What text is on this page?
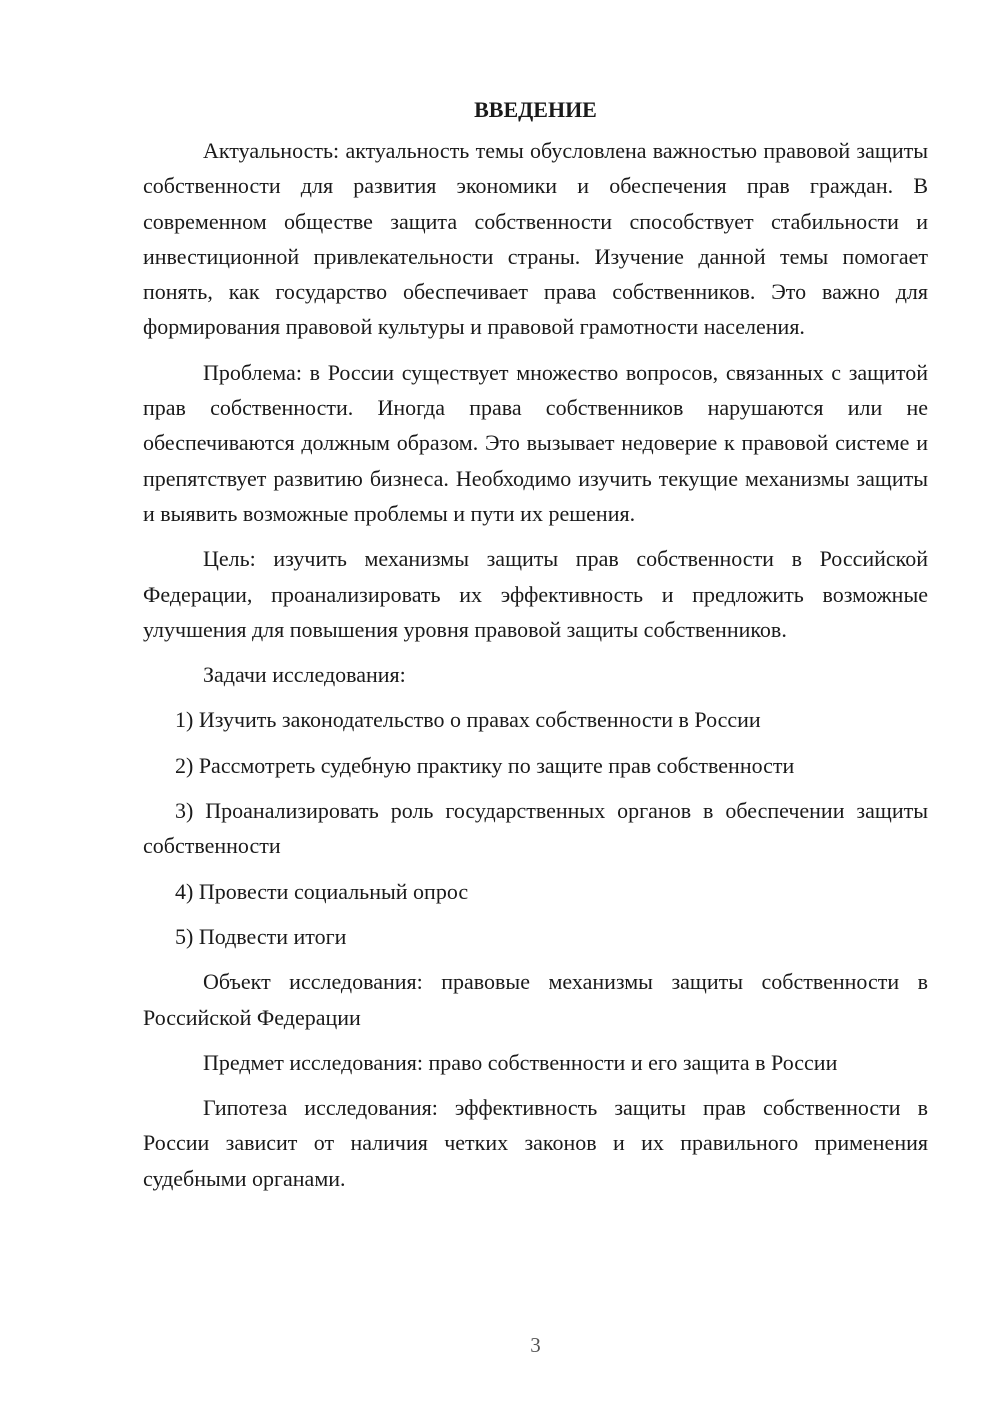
ВВЕДЕНИЕ

Актуальность: актуальность темы обусловлена важностью правовой защиты собственности для развития экономики и обеспечения прав граждан. В современном обществе защита собственности способствует стабильности и инвестиционной привлекательности страны. Изучение данной темы помогает понять, как государство обеспечивает права собственников. Это важно для формирования правовой культуры и правовой грамотности населения.

Проблема: в России существует множество вопросов, связанных с защитой прав собственности. Иногда права собственников нарушаются или не обеспечиваются должным образом. Это вызывает недоверие к правовой системе и препятствует развитию бизнеса. Необходимо изучить текущие механизмы защиты и выявить возможные проблемы и пути их решения.

Цель: изучить механизмы защиты прав собственности в Российской Федерации, проанализировать их эффективность и предложить возможные улучшения для повышения уровня правовой защиты собственников.

Задачи исследования:

1) Изучить законодательство о правах собственности в России

2) Рассмотреть судебную практику по защите прав собственности

3) Проанализировать роль государственных органов в обеспечении защиты собственности

4) Провести социальный опрос

5) Подвести итоги

Объект исследования: правовые механизмы защиты собственности в Российской Федерации

Предмет исследования: право собственности и его защита в России

Гипотеза исследования: эффективность защиты прав собственности в России зависит от наличия четких законов и их правильного применения судебными органами.

3
